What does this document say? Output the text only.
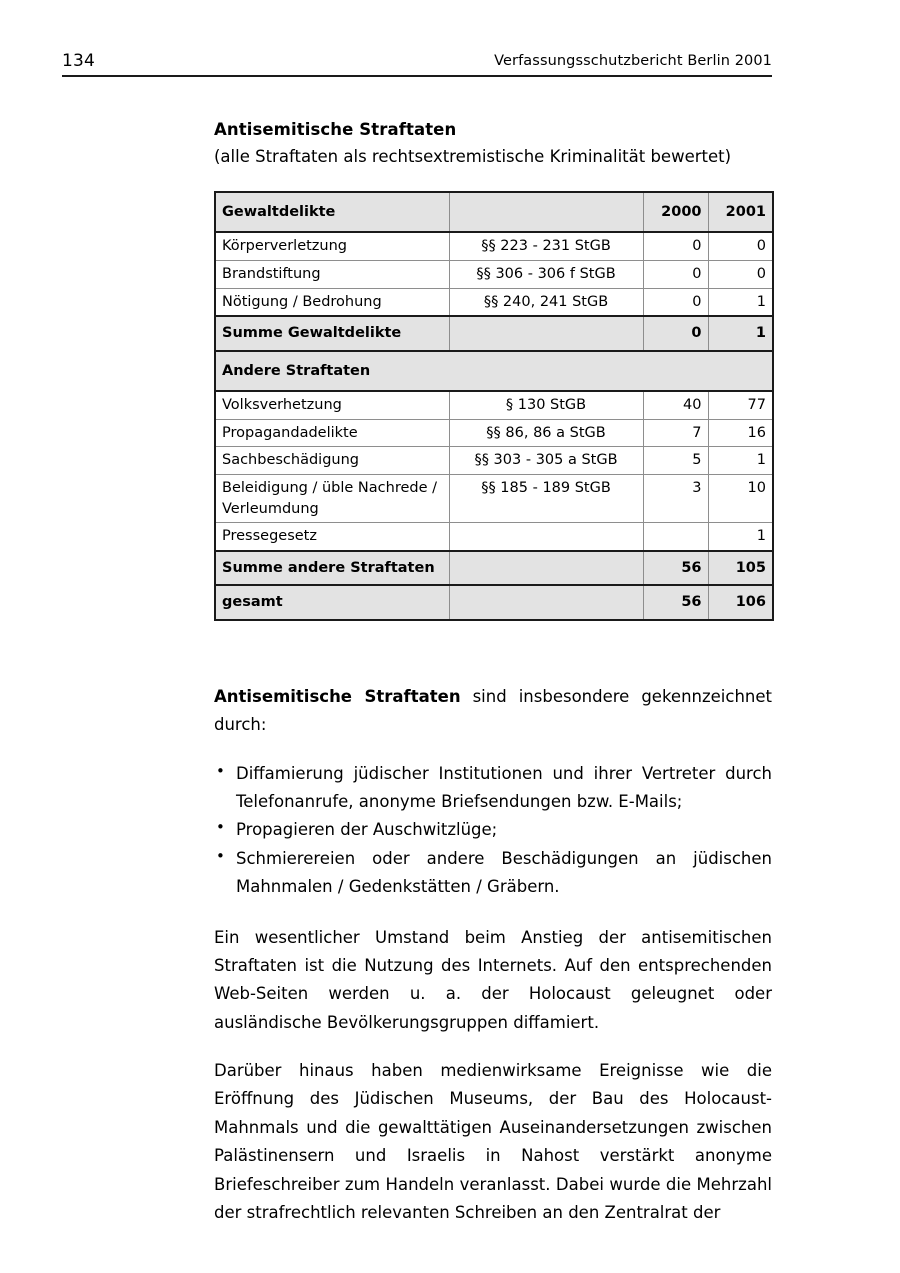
134	Verfassungsschutzbericht Berlin 2001
Antisemitische Straftaten

(alle Straftaten als rechtsextremistische Kriminalität bewertet)

Gewaltdelikte		2000	2001
Körperverletzung	§§ 223 - 231 StGB	0	0
Brandstiftung	§§ 306 - 306 f StGB	0	0
Nötigung / Bedrohung	§§ 240, 241 StGB	0	1
Summe Gewaltdelikte		0	1
Andere Straftaten			
Volksverhetzung	§ 130 StGB	40	77
Propagandadelikte	§§ 86, 86 a StGB	7	16
Sachbeschädigung	§§ 303 - 305 a StGB	5	1
Beleidigung / üble Nachrede / Verleumdung	§§ 185 - 189 StGB	3	10
Pressegesetz			1
Summe andere Straftaten		56	105
gesamt		56	106

Antisemitische Straftaten sind insbesondere gekennzeichnet durch:

• Diffamierung jüdischer Institutionen und ihrer Vertreter durch Telefonanrufe, anonyme Briefsendungen bzw. E-Mails;
• Propagieren der Auschwitzlüge;
• Schmierereien oder andere Beschädigungen an jüdischen Mahnmalen / Gedenkstätten / Gräbern.

Ein wesentlicher Umstand beim Anstieg der antisemitischen Straftaten ist die Nutzung des Internets. Auf den entsprechenden Web-Seiten werden u. a. der Holocaust geleugnet oder ausländische Bevölkerungsgruppen diffamiert.

Darüber hinaus haben medienwirksame Ereignisse wie die Eröffnung des Jüdischen Museums, der Bau des Holocaust-Mahnmals und die gewalttätigen Auseinandersetzungen zwischen Palästinensern und Israelis in Nahost verstärkt anonyme Briefeschreiber zum Handeln veranlasst. Dabei wurde die Mehrzahl der strafrechtlich relevanten Schreiben an den Zentralrat der
